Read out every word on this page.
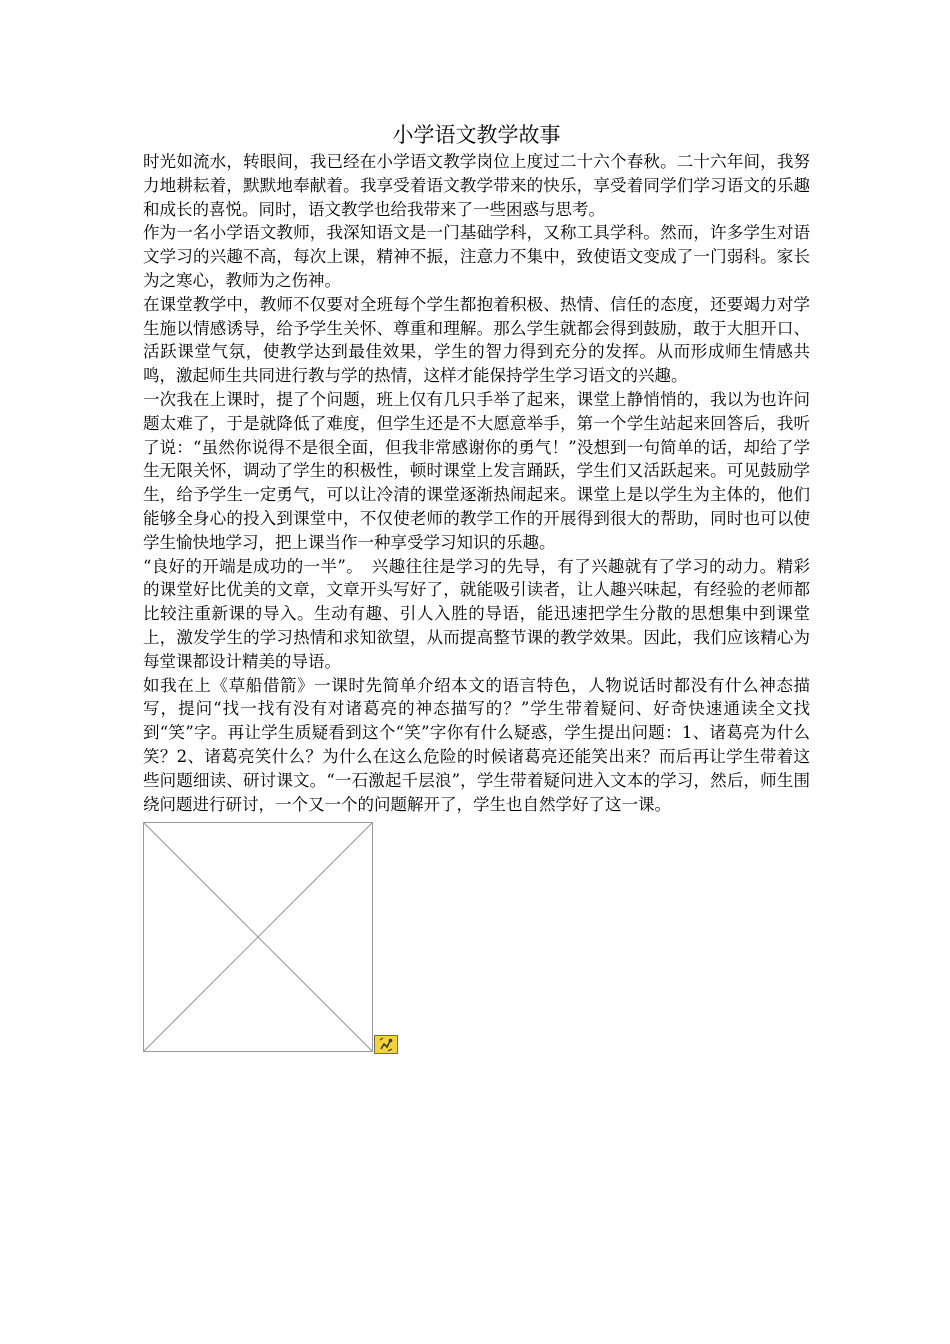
小学语文教学故事

时光如流水，转眼间，我已经在小学语文教学岗位上度过二十六个春秋。二十六年间，我努力地耕耘着，默默地奉献着。我享受着语文教学带来的快乐，享受着同学们学习语文的乐趣和成长的喜悦。同时，语文教学也给我带来了一些困惑与思考。

作为一名小学语文教师，我深知语文是一门基础学科，又称工具学科。然而，许多学生对语文学习的兴趣不高，每次上课，精神不振，注意力不集中，致使语文变成了一门弱科。家长为之寒心，教师为之伤神。

在课堂教学中，教师不仅要对全班每个学生都抱着积极、热情、信任的态度，还要竭力对学生施以情感诱导，给予学生关怀、尊重和理解。那么学生就都会得到鼓励，敢于大胆开口、活跃课堂气氛，使教学达到最佳效果，学生的智力得到充分的发挥。从而形成师生情感共鸣，激起师生共同进行教与学的热情，这样才能保持学生学习语文的兴趣。

一次我在上课时，提了个问题，班上仅有几只手举了起来，课堂上静悄悄的，我以为也许问题太难了，于是就降低了难度，但学生还是不大愿意举手，第一个学生站起来回答后，我听了说：“虽然你说得不是很全面，但我非常感谢你的勇气！”没想到一句简单的话，却给了学生无限关怀，调动了学生的积极性，顿时课堂上发言踊跃，学生们又活跃起来。可见鼓励学生，给予学生一定勇气，可以让冷清的课堂逐渐热闹起来。课堂上是以学生为主体的，他们能够全身心的投入到课堂中，不仅使老师的教学工作的开展得到很大的帮助，同时也可以使学生愉快地学习，把上课当作一种享受学习知识的乐趣。

“良好的开端是成功的一半”。　兴趣往往是学习的先导，有了兴趣就有了学习的动力。精彩的课堂好比优美的文章，文章开头写好了，就能吸引读者，让人趣兴味起，有经验的老师都比较注重新课的导入。生动有趣、引人入胜的导语，能迅速把学生分散的思想集中到课堂上，激发学生的学习热情和求知欲望，从而提高整节课的教学效果。因此，我们应该精心为每堂课都设计精美的导语。

如我在上《草船借箭》一课时先简单介绍本文的语言特色，人物说话时都没有什么神态描写，提问“找一找有没有对诸葛亮的神态描写的？”学生带着疑问、好奇快速通读全文找到“笑”字。再让学生质疑看到这个“笑”字你有什么疑惑，学生提出问题：1、诸葛亮为什么笑？2、诸葛亮笑什么？为什么在这么危险的时候诸葛亮还能笑出来？而后再让学生带着这些问题细读、研讨课文。“一石激起千层浪”，学生带着疑问进入文本的学习，然后，师生围绕问题进行研讨，一个又一个的问题解开了，学生也自然学好了这一课。
